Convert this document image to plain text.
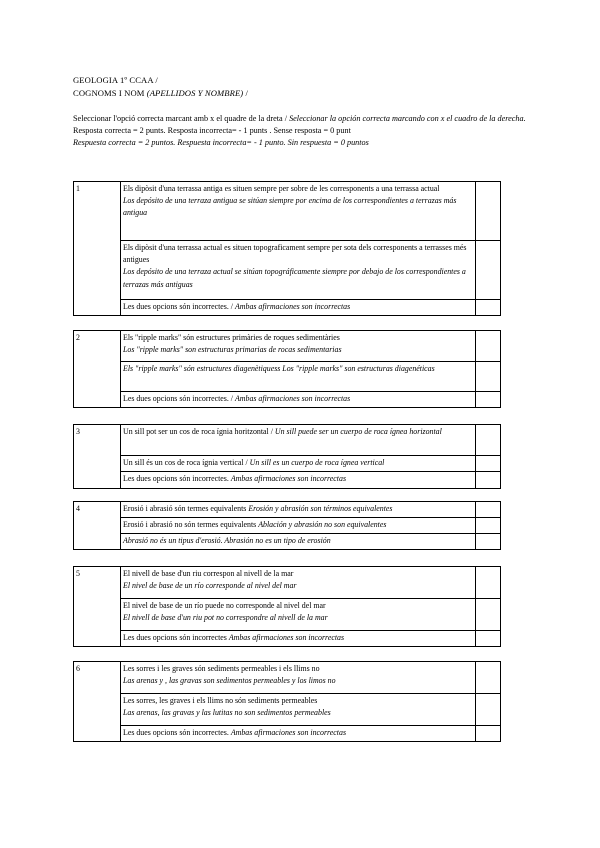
GEOLOGIA 1º CCAA /
COGNOMS I NOM (APELLIDOS Y NOMBRE) /

Seleccionar l'opció correcta marcant amb x el quadre de la dreta / Seleccionar la opción correcta marcando con x el cuadro de la derecha.

Resposta correcta = 2 punts. Resposta incorrecta= - 1 punts . Sense resposta = 0 punt

Respuesta correcta = 2 puntos. Respuesta incorrecta= - 1 punto. Sin respuesta = 0 puntos

1	Els dipòsit d'una terrassa antiga es situen sempre per sobre de les corresponents a una terrassa actual
Los depósito de una terraza antigua se sitúan siempre por encima de los correspondientes a terrazas más antigua	

	Els dipòsit d'una terrassa actual es situen topograficament sempre per sota dels corresponents a terrasses més antigues
Los depósito de una terraza actual se sitúan topográficamente siempre por debajo de los correspondientes a terrazas más antiguas	

	Les dues opcions són incorrectes. / Ambas afirmaciones son incorrectas	
2	Els "ripple marks" són estructures primàries de roques sedimentàries
Los "ripple marks" son estructuras primarias de rocas sedimentarias	

	Els "ripple marks" són estructures diagenètiquess Los "ripple marks" son estructuras diagenéticas	

	Les dues opcions són incorrectes. / Ambas afirmaciones son incorrectas	
3	Un sill pot ser un cos de roca ígnia horitzontal / Un sill puede ser un cuerpo de roca ígnea horizontal	
	Un sill és un cos de roca ígnia vertical / Un sill es un cuerpo de roca ígnea vertical	
	Les dues opcions són incorrectes. Ambas afirmaciones son incorrectas	
4	Erosió i abrasió són termes equivalents Erosión y abrasión son términos equivalentes	
	Erosió i abrasió no són termes equivalents Ablación y abrasión no son equivalentes	
	Abrasió no és un tipus d'erosió. Abrasión no es un tipo de erosión	
5	El nivell de base d'un riu correspon al nivell de la mar
El nivel de base de un río corresponde al nivel del mar	

	El nivel de base de un río puede no corresponde al nivel del mar
El nivell de base d'un riu pot no correspondre al nivell de la mar	

	Les dues opcions són incorrectes Ambas afirmaciones son incorrectas	
6	Les sorres i les graves són sediments permeables i els llims no
Las arenas y , las gravas son sedimentos permeables y los limos no	

	Les sorres, les graves i els llims no són sediments permeables
Las arenas, las gravas y las lutitas no son sedimentos permeables	

	Les dues opcions són incorrectes. Ambas afirmaciones son incorrectas	
